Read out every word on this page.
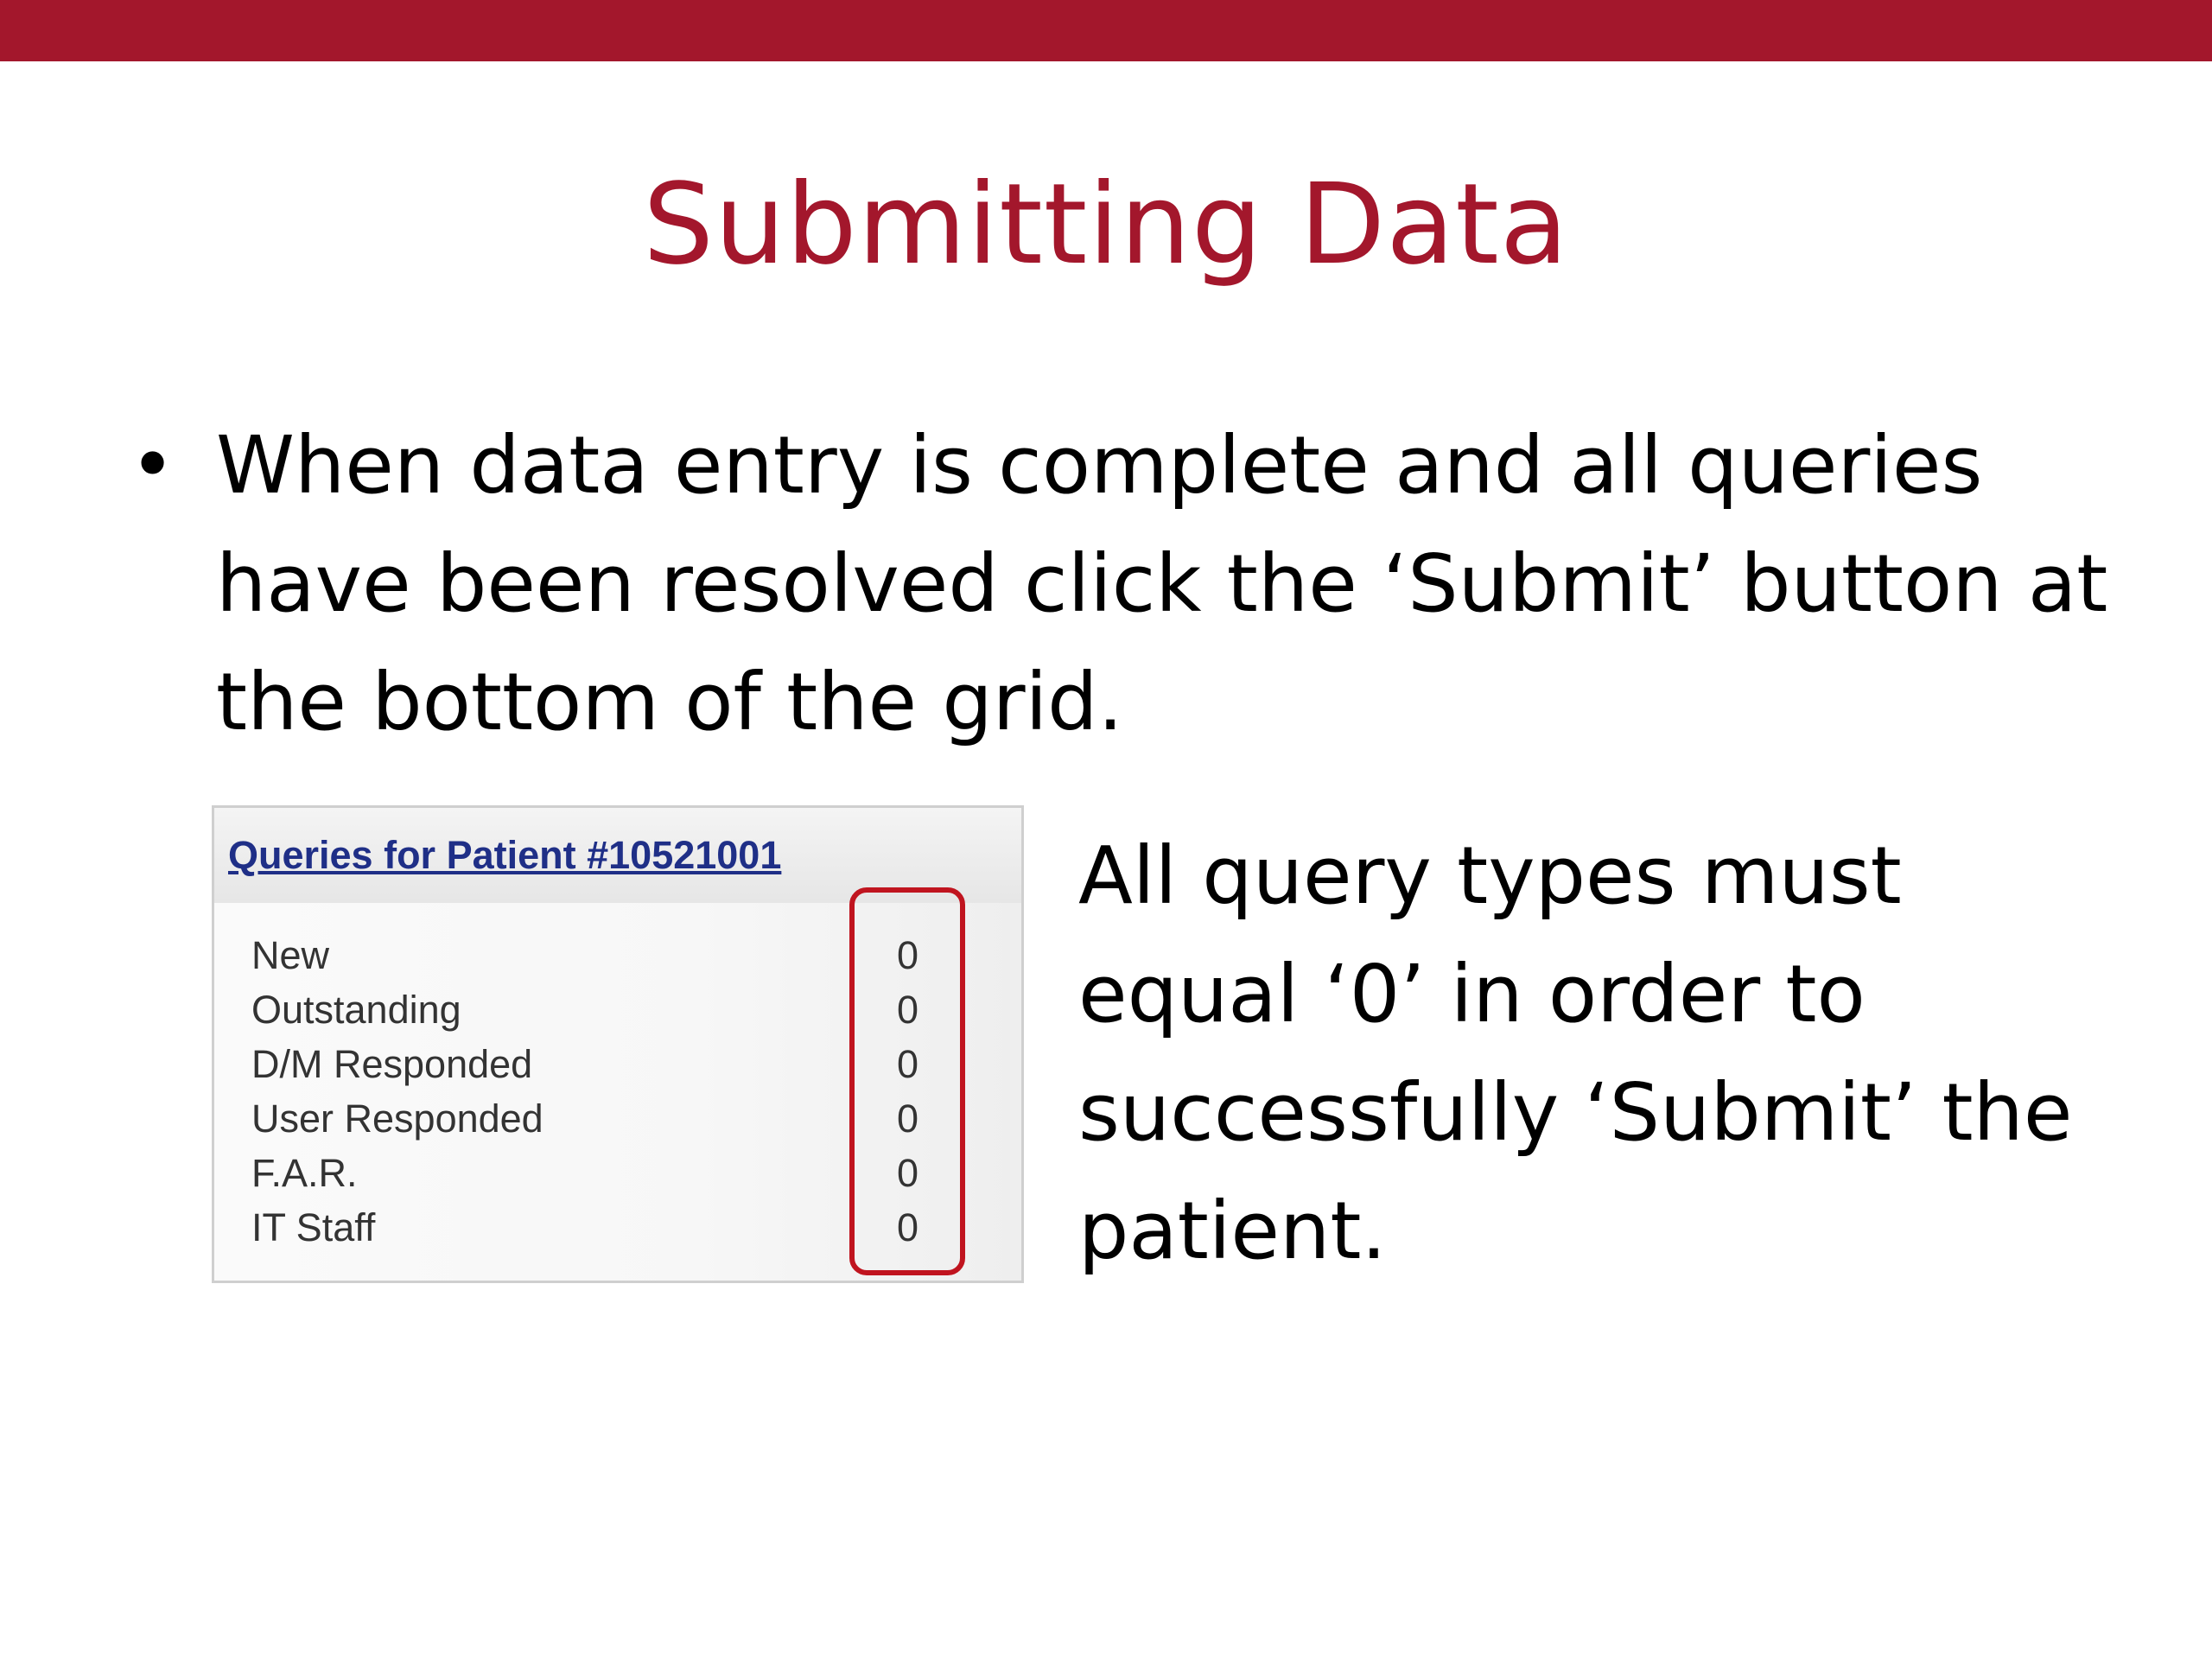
Submitting Data
• When data entry is complete and all queries have been resolved click the ‘Submit’ button at the bottom of the grid.

Queries for Patient #10521001
New	0
Outstanding	0
D/M Responded	0
User Responded	0
F.A.R.	0
IT Staff	0

All query types must equal ‘0’ in order to successfully ‘Submit’ the patient.
